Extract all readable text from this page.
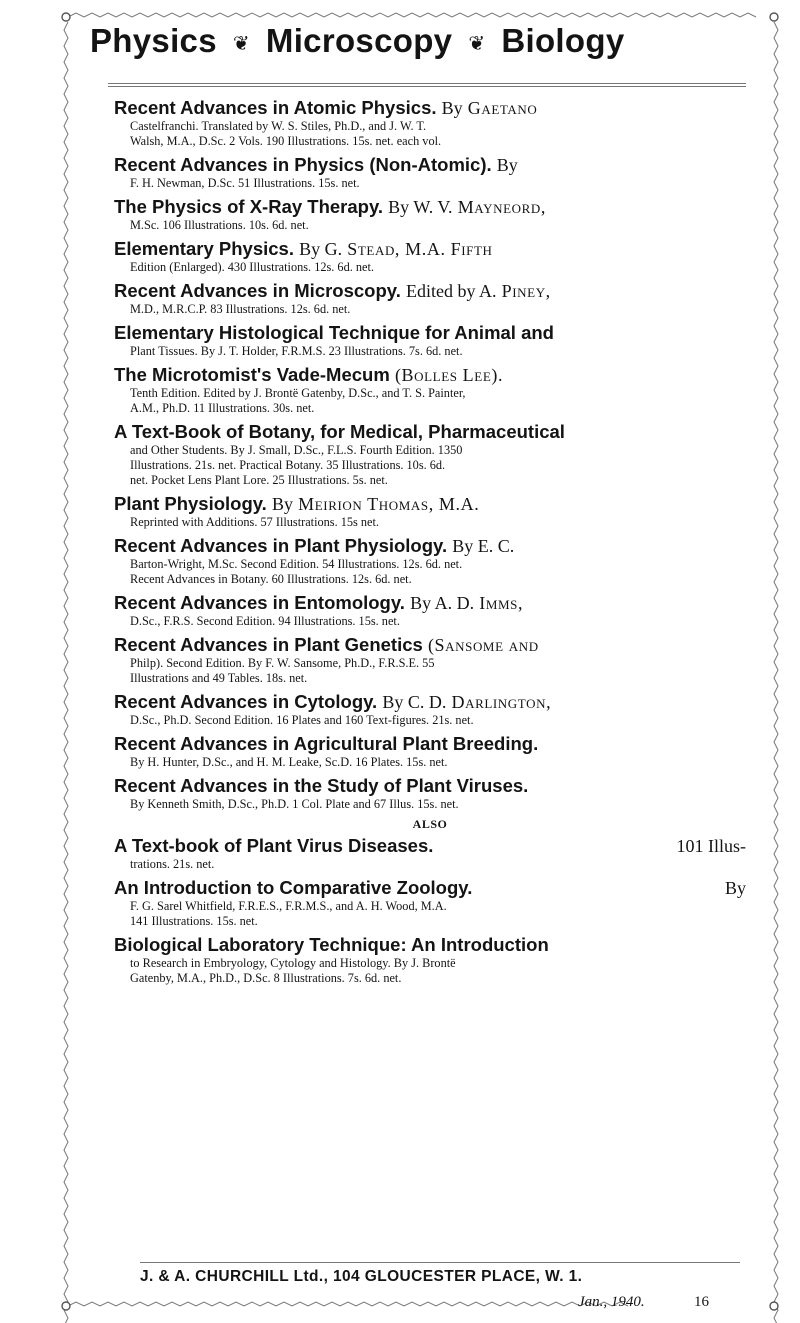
Physics ❦ Microscopy ❦ Biology
Recent Advances in Atomic Physics. By Gaetano
Castelfranchi. Translated by W. S. Stiles, Ph.D., and J. W. T.
Walsh, M.A., D.Sc. 2 Vols. 190 Illustrations. 15s. net. each vol.
Recent Advances in Physics (Non-Atomic). By
F. H. Newman, D.Sc. 51 Illustrations. 15s. net.
The Physics of X-Ray Therapy. By W. V. Mayneord,
M.Sc. 106 Illustrations. 10s. 6d. net.
Elementary Physics. By G. Stead, M.A. Fifth
Edition (Enlarged). 430 Illustrations. 12s. 6d. net.
Recent Advances in Microscopy. Edited by A. Piney,
M.D., M.R.C.P. 83 Illustrations. 12s. 6d. net.
Elementary Histological Technique for Animal and
Plant Tissues. By J. T. Holder, F.R.M.S. 23 Illustrations. 7s. 6d. net.
The Microtomist's Vade-Mecum (Bolles Lee).
Tenth Edition. Edited by J. Brontë Gatenby, D.Sc., and T. S. Painter,
A.M., Ph.D. 11 Illustrations. 30s. net.
A Text-Book of Botany, for Medical, Pharmaceutical
and Other Students. By J. Small, D.Sc., F.L.S. Fourth Edition. 1350
Illustrations. 21s. net. Practical Botany. 35 Illustrations. 10s. 6d.
net. Pocket Lens Plant Lore. 25 Illustrations. 5s. net.
Plant Physiology. By Meirion Thomas, M.A.
Reprinted with Additions. 57 Illustrations. 15s net.
Recent Advances in Plant Physiology. By E. C.
Barton-Wright, M.Sc. Second Edition. 54 Illustrations. 12s. 6d. net.
Recent Advances in Botany. 60 Illustrations. 12s. 6d. net.
Recent Advances in Entomology. By A. D. Imms,
D.Sc., F.R.S. Second Edition. 94 Illustrations. 15s. net.
Recent Advances in Plant Genetics (Sansome and
Philp). Second Edition. By F. W. Sansome, Ph.D., F.R.S.E. 55
Illustrations and 49 Tables. 18s. net.
Recent Advances in Cytology. By C. D. Darlington,
D.Sc., Ph.D. Second Edition. 16 Plates and 160 Text-figures. 21s. net.
Recent Advances in Agricultural Plant Breeding.
By H. Hunter, D.Sc., and H. M. Leake, Sc.D. 16 Plates. 15s. net.
Recent Advances in the Study of Plant Viruses.
By Kenneth Smith, D.Sc., Ph.D. 1 Col. Plate and 67 Illus. 15s. net.
ALSO
A Text-book of Plant Virus Diseases.	101 Illus-
trations. 21s. net.
An Introduction to Comparative Zoology.	By
F. G. Sarel Whitfield, F.R.E.S., F.R.M.S., and A. H. Wood, M.A.
141 Illustrations. 15s. net.
Biological Laboratory Technique: An Introduction
to Research in Embryology, Cytology and Histology. By J. Brontë
Gatenby, M.A., Ph.D., D.Sc. 8 Illustrations. 7s. 6d. net.
J. & A. CHURCHILL Ltd., 104 GLOUCESTER PLACE, W. 1.
Jan., 1940.	16
